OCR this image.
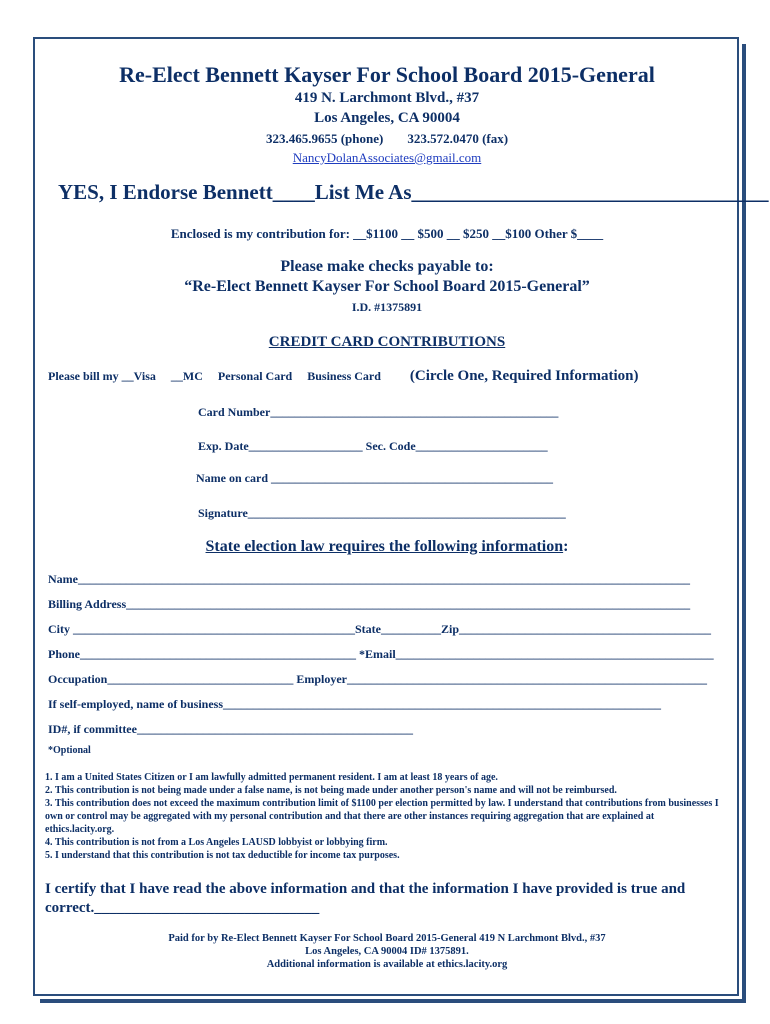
Re-Elect Bennett Kayser For School Board 2015-General
419 N. Larchmont Blvd., #37
Los Angeles, CA 90004
323.465.9655 (phone) 323.572.0470 (fax)
NancyDolanAssociates@gmail.com
YES, I Endorse Bennett____List Me As__________________________________
Enclosed is my contribution for: __$1100 __ $500 __ $250 __$100 Other $____
Please make checks payable to:
“Re-Elect Bennett Kayser For School Board 2015-General”
I.D. #1375891
CREDIT CARD CONTRIBUTIONS
Please bill my __Visa __MC Personal Card Business Card (Circle One, Required Information)
Card Number________________________________________________
Exp. Date___________________ Sec. Code______________________
Name on card _______________________________________________
Signature_____________________________________________________
State election law requires the following information:
Name______________________________________________________________________________________________________
Billing Address______________________________________________________________________________________________
City _______________________________________________State__________Zip__________________________________________
Phone______________________________________________ *Email_____________________________________________________
Occupation_______________________________ Employer____________________________________________________________
If self-employed, name of business_________________________________________________________________________
ID#, if committee______________________________________________
*Optional

1. I am a United States Citizen or I am lawfully admitted permanent resident. I am at least 18 years of age.

2. This contribution is not being made under a false name, is not being made under another person's name and will not be reimbursed.

3. This contribution does not exceed the maximum contribution limit of $1100 per election permitted by law. I understand that contributions from businesses I own or control may be aggregated with my personal contribution and that there are other instances requiring aggregation that are explained at ethics.lacity.org.

4. This contribution is not from a Los Angeles LAUSD lobbyist or lobbying firm.

5. I understand that this contribution is not tax deductible for income tax purposes.

I certify that I have read the above information and that the information I have provided is true and correct.______________________________
Paid for by Re-Elect Bennett Kayser For School Board 2015-General 419 N Larchmont Blvd., #37
Los Angeles, CA 90004 ID# 1375891.
Additional information is available at ethics.lacity.org
